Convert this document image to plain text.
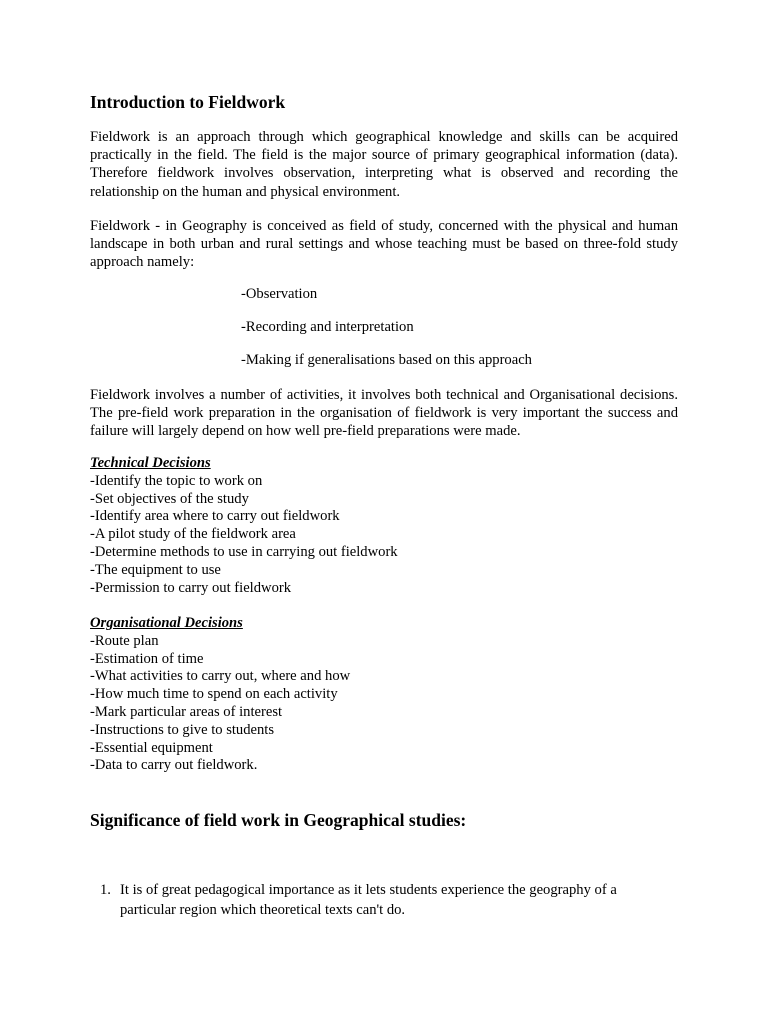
Introduction to Fieldwork

Fieldwork is an approach through which geographical knowledge and skills can be acquired practically in the field. The field is the major source of primary geographical information (data). Therefore fieldwork involves observation, interpreting what is observed and recording the relationship on the human and physical environment.

Fieldwork - in Geography is conceived as field of study, concerned with the physical and human landscape in both urban and rural settings and whose teaching must be based on three-fold study approach namely:

-Observation

-Recording and interpretation

-Making if generalisations based on this approach

Fieldwork involves a number of activities, it involves both technical and Organisational decisions. The pre-field work preparation in the organisation of fieldwork is very important the success and failure will largely depend on how well pre-field preparations were made.

Technical Decisions
-Identify the topic to work on
-Set objectives of the study
-Identify area where to carry out fieldwork
-A pilot study of the fieldwork area
-Determine methods to use in carrying out fieldwork
-The equipment to use
-Permission to carry out fieldwork
Organisational Decisions
-Route plan
-Estimation of time
-What activities to carry out, where and how
-How much time to spend on each activity
-Mark particular areas of interest
-Instructions to give to students
-Essential equipment
-Data to carry out fieldwork.
Significance of field work in Geographical studies:
1. It is of great pedagogical importance as it lets students experience the geography of a particular region which theoretical texts can't do.
